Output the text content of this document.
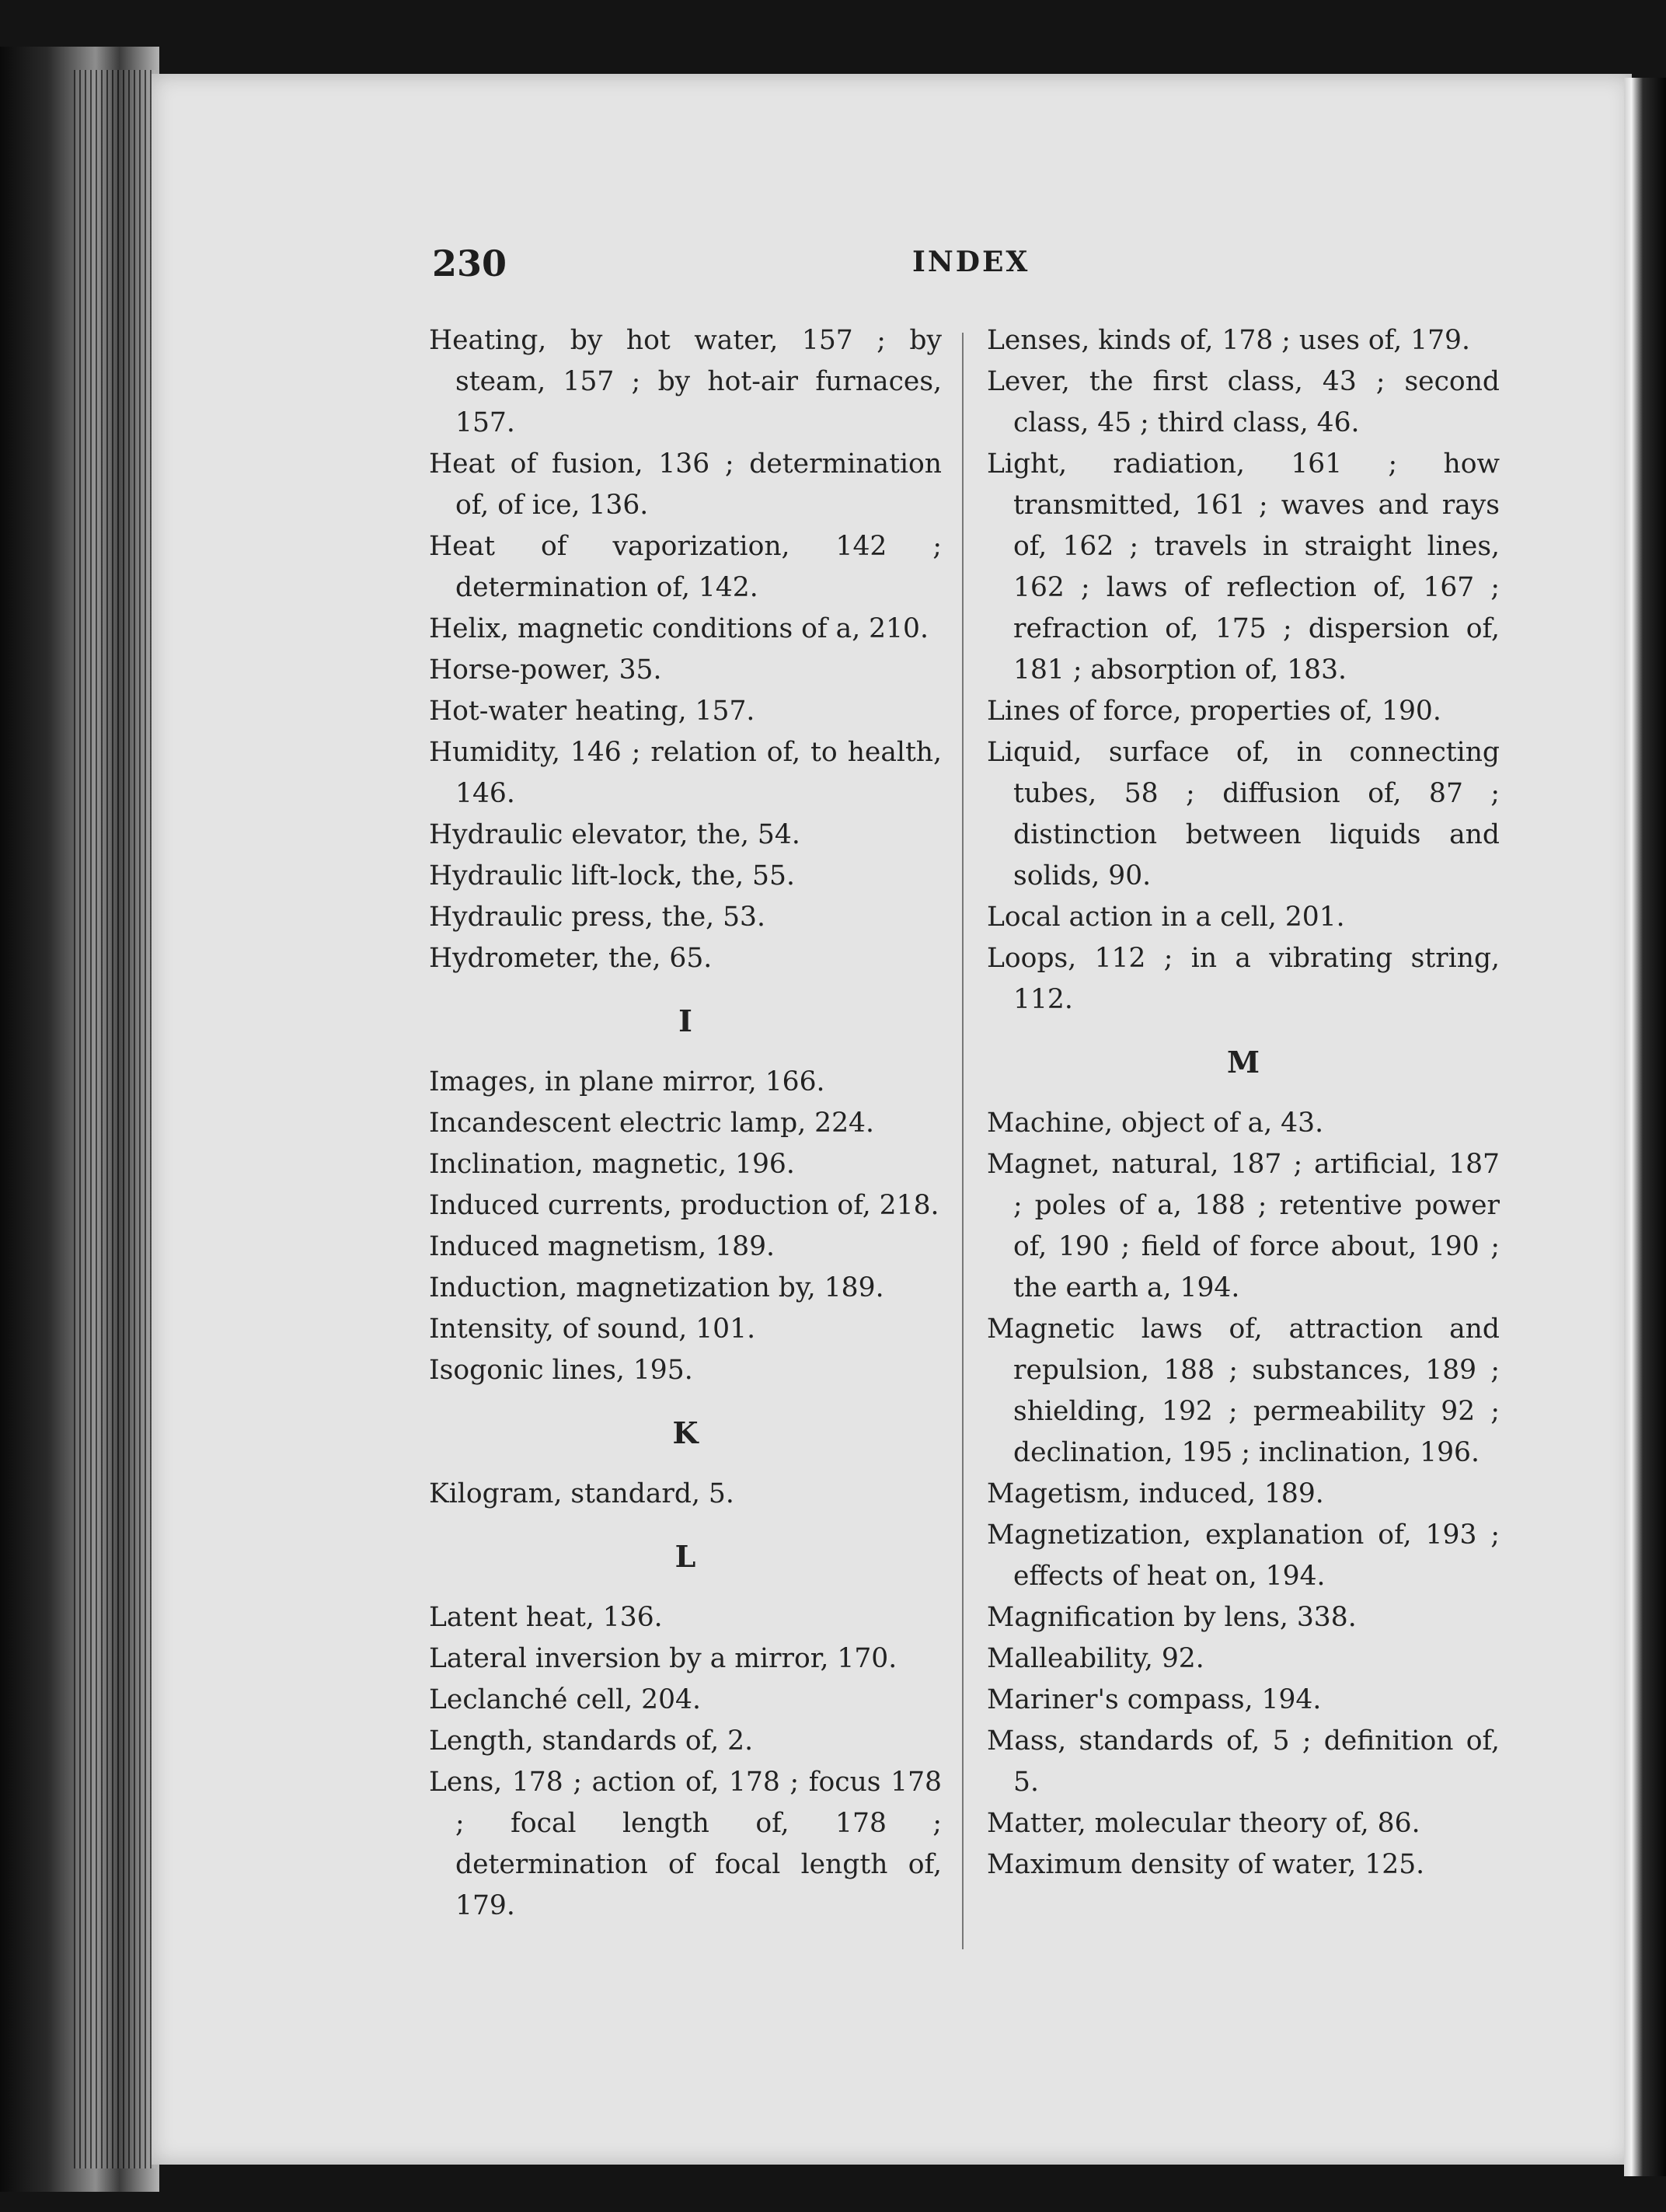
230	INDEX

Heating, by hot water, 157 ; by steam, 157 ; by hot-air furnaces, 157.

Heat of fusion, 136 ; determination of, of ice, 136.

Heat of vaporization, 142 ; determination of, 142.

Helix, magnetic conditions of a, 210.

Horse-power, 35.

Hot-water heating, 157.

Humidity, 146 ; relation of, to health, 146.

Hydraulic elevator, the, 54.

Hydraulic lift-lock, the, 55.

Hydraulic press, the, 53.

Hydrometer, the, 65.

I

Images, in plane mirror, 166.

Incandescent electric lamp, 224.

Inclination, magnetic, 196.

Induced currents, production of, 218.

Induced magnetism, 189.

Induction, magnetization by, 189.

Intensity, of sound, 101.

Isogonic lines, 195.

K

Kilogram, standard, 5.

L

Latent heat, 136.

Lateral inversion by a mirror, 170.

Leclanché cell, 204.

Length, standards of, 2.

Lens, 178 ; action of, 178 ; focus 178 ; focal length of, 178 ; determination of focal length of, 179.

Lenses, kinds of, 178 ; uses of, 179.

Lever, the first class, 43 ; second class, 45 ; third class, 46.

Light, radiation, 161 ; how transmitted, 161 ; waves and rays of, 162 ; travels in straight lines, 162 ; laws of reflection of, 167 ; refraction of, 175 ; dispersion of, 181 ; absorption of, 183.

Lines of force, properties of, 190.

Liquid, surface of, in connecting tubes, 58 ; diffusion of, 87 ; distinction between liquids and solids, 90.

Local action in a cell, 201.

Loops, 112 ; in a vibrating string, 112.

M

Machine, object of a, 43.

Magnet, natural, 187 ; artificial, 187 ; poles of a, 188 ; retentive power of, 190 ; field of force about, 190 ; the earth a, 194.

Magnetic laws of, attraction and repulsion, 188 ; substances, 189 ; shielding, 192 ; permeability 92 ; declination, 195 ; inclination, 196.

Magetism, induced, 189.

Magnetization, explanation of, 193 ; effects of heat on, 194.

Magnification by lens, 338.

Malleability, 92.

Mariner's compass, 194.

Mass, standards of, 5 ; definition of, 5.

Matter, molecular theory of, 86.

Maximum density of water, 125.
